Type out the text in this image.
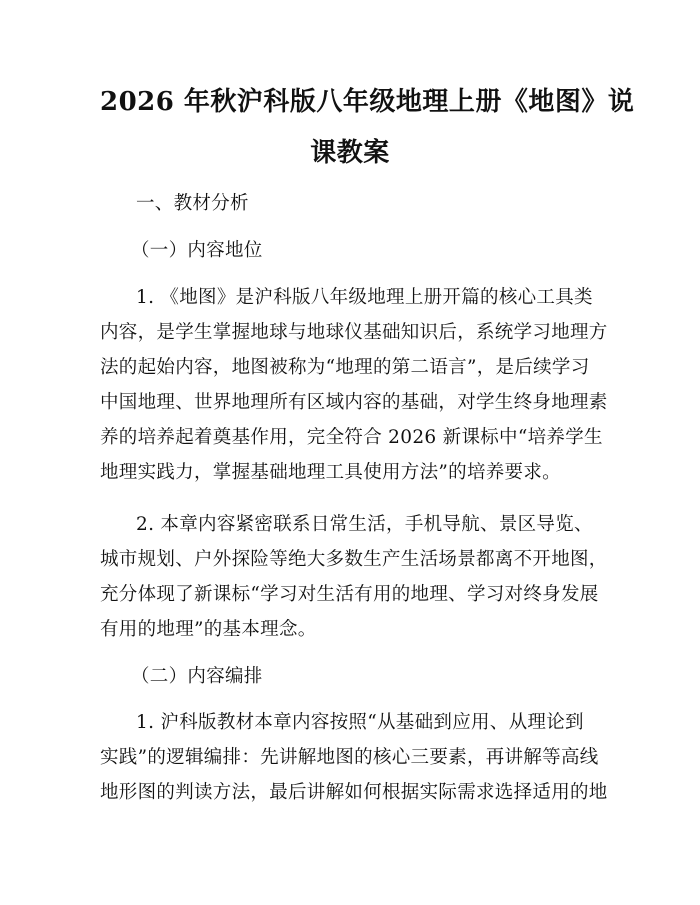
2026 年秋沪科版八年级地理上册《地图》说
课教案

一、教材分析

（一）内容地位

1. 《地图》是沪科版八年级地理上册开篇的核心工具类
内容，是学生掌握地球与地球仪基础知识后，系统学习地理方
法的起始内容，地图被称为“地理的第二语言”，是后续学习
中国地理、世界地理所有区域内容的基础，对学生终身地理素
养的培养起着奠基作用，完全符合 2026 新课标中“培养学生
地理实践力，掌握基础地理工具使用方法”的培养要求。
2. 本章内容紧密联系日常生活，手机导航、景区导览、
城市规划、户外探险等绝大多数生产生活场景都离不开地图，
充分体现了新课标“学习对生活有用的地理、学习对终身发展
有用的地理”的基本理念。

（二）内容编排

1. 沪科版教材本章内容按照“从基础到应用、从理论到
实践”的逻辑编排：先讲解地图的核心三要素，再讲解等高线
地形图的判读方法，最后讲解如何根据实际需求选择适用的地
